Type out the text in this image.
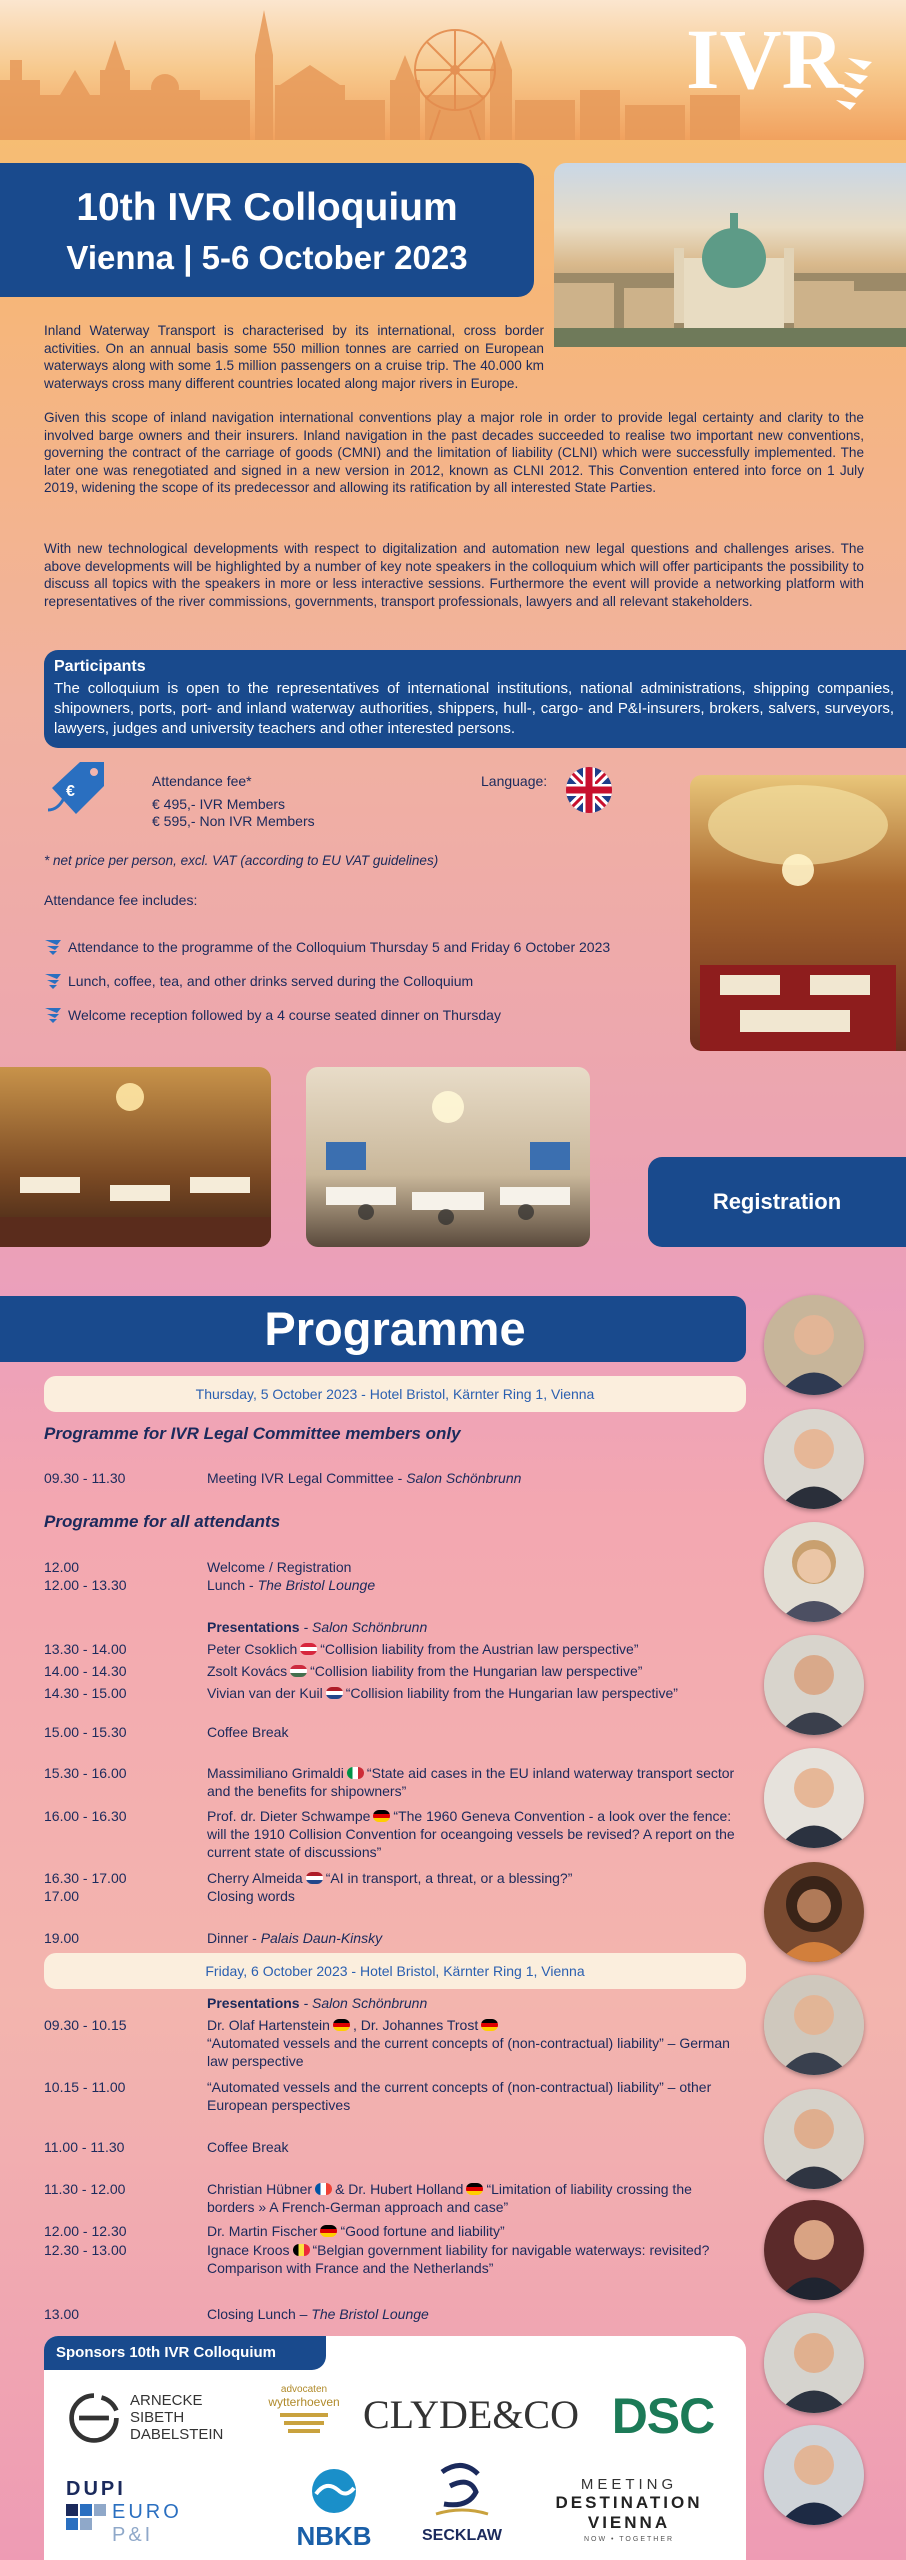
IVR
10th IVR Colloquium
Vienna | 5-6 October 2023
Inland Waterway Transport is characterised by its international, cross border activities. On an annual basis some 550 million tonnes are carried on European waterways along with some 1.5 million passengers on a cruise trip. The 40.000 km waterways cross many different countries located along major rivers in Europe.
Given this scope of inland navigation international conventions play a major role in order to provide legal certainty and clarity to the involved barge owners and their insurers. Inland navigation in the past decades succeeded to realise two important new conventions, governing the contract of the carriage of goods (CMNI) and the limitation of liability (CLNI) which were successfully implemented. The later one was renegotiated and signed in a new version in 2012, known as CLNI 2012. This Convention entered into force on 1 July 2019, widening the scope of its predecessor and allowing its ratification by all interested State Parties.
With new technological developments with respect to digitalization and automation new legal questions and challenges arises. The above developments will be highlighted by a number of key note speakers in the colloquium which will offer participants the possibility to discuss all topics with the speakers in more or less interactive sessions. Furthermore the event will provide a networking platform with representatives of the river commissions, governments, transport professionals, lawyers and all relevant stakeholders.
Participants

The colloquium is open to the representatives of international institutions, national administrations, shipping companies, shipowners, ports, port- and inland waterway authorities, shippers, hull-, cargo- and P&I-insurers, brokers, salvers, surveyors, lawyers, judges and university teachers and other interested persons.

€
Attendance fee*
€ 495,- IVR Members
€ 595,- Non IVR Members
Language:
* net price per person, excl. VAT (according to EU VAT guidelines)
Attendance fee includes:
Attendance to the programme of the Colloquium Thursday 5 and Friday 6 October 2023
Lunch, coffee, tea, and other drinks served during the Colloquium
Welcome reception followed by a 4 course seated dinner on Thursday
Registration
Programme
Thursday, 5 October 2023 - Hotel Bristol, Kärnter Ring 1, Vienna
Programme for IVR Legal Committee members only
09.30 - 11.30	Meeting IVR Legal Committee - Salon Schönbrunn
Programme for all attendants
12.00	Welcome / Registration
12.00 - 13.30	Lunch - The Bristol Lounge
Presentations - Salon Schönbrunn
13.30 - 14.00	Peter Csoklich “Collision liability from the Austrian law perspective”
14.00 - 14.30	Zsolt Kovács “Collision liability from the Hungarian law perspective”
14.30 - 15.00	Vivian van der Kuil “Collision liability from the Hungarian law perspective”
15.00 - 15.30	Coffee Break
15.30 - 16.00	Massimiliano Grimaldi “State aid cases in the EU inland waterway transport sector and the benefits for shipowners”
16.00 - 16.30	Prof. dr. Dieter Schwampe “The 1960 Geneva Convention - a look over the fence: will the 1910 Collision Convention for oceangoing vessels be revised? A report on the current state of discussions”
16.30 - 17.00	Cherry Almeida “AI in transport, a threat, or a blessing?”
17.00	Closing words
19.00	Dinner - Palais Daun-Kinsky
Friday, 6 October 2023 - Hotel Bristol, Kärnter Ring 1, Vienna
Presentations - Salon Schönbrunn
09.30 - 10.15	Dr. Olaf Hartenstein , Dr. Johannes Trost
“Automated vessels and the current concepts of (non-contractual) liability” – German law perspective
10.15 - 11.00	“Automated vessels and the current concepts of (non-contractual) liability” – other European perspectives
11.00 - 11.30	Coffee Break
11.30 - 12.00	Christian Hübner & Dr. Hubert Holland “Limitation of liability crossing the
borders » A French-German approach and case”
12.00 - 12.30	Dr. Martin Fischer “Good fortune and liability”
12.30 - 13.00	Ignace Kroos “Belgian government liability for navigable waterways: revisited?
Comparison with France and the Netherlands”
13.00	Closing Lunch – The Bristol Lounge
Sponsors 10th IVR Colloquium
ARNECKE
SIBETH
DABELSTEIN
advocaten
wytterhoeven CLYDE&CO DSC
DUPI
EURO
P&I	NBKB	SECKLAW
MEETING
DESTINATION
VIENNA
NOW • TOGETHER
